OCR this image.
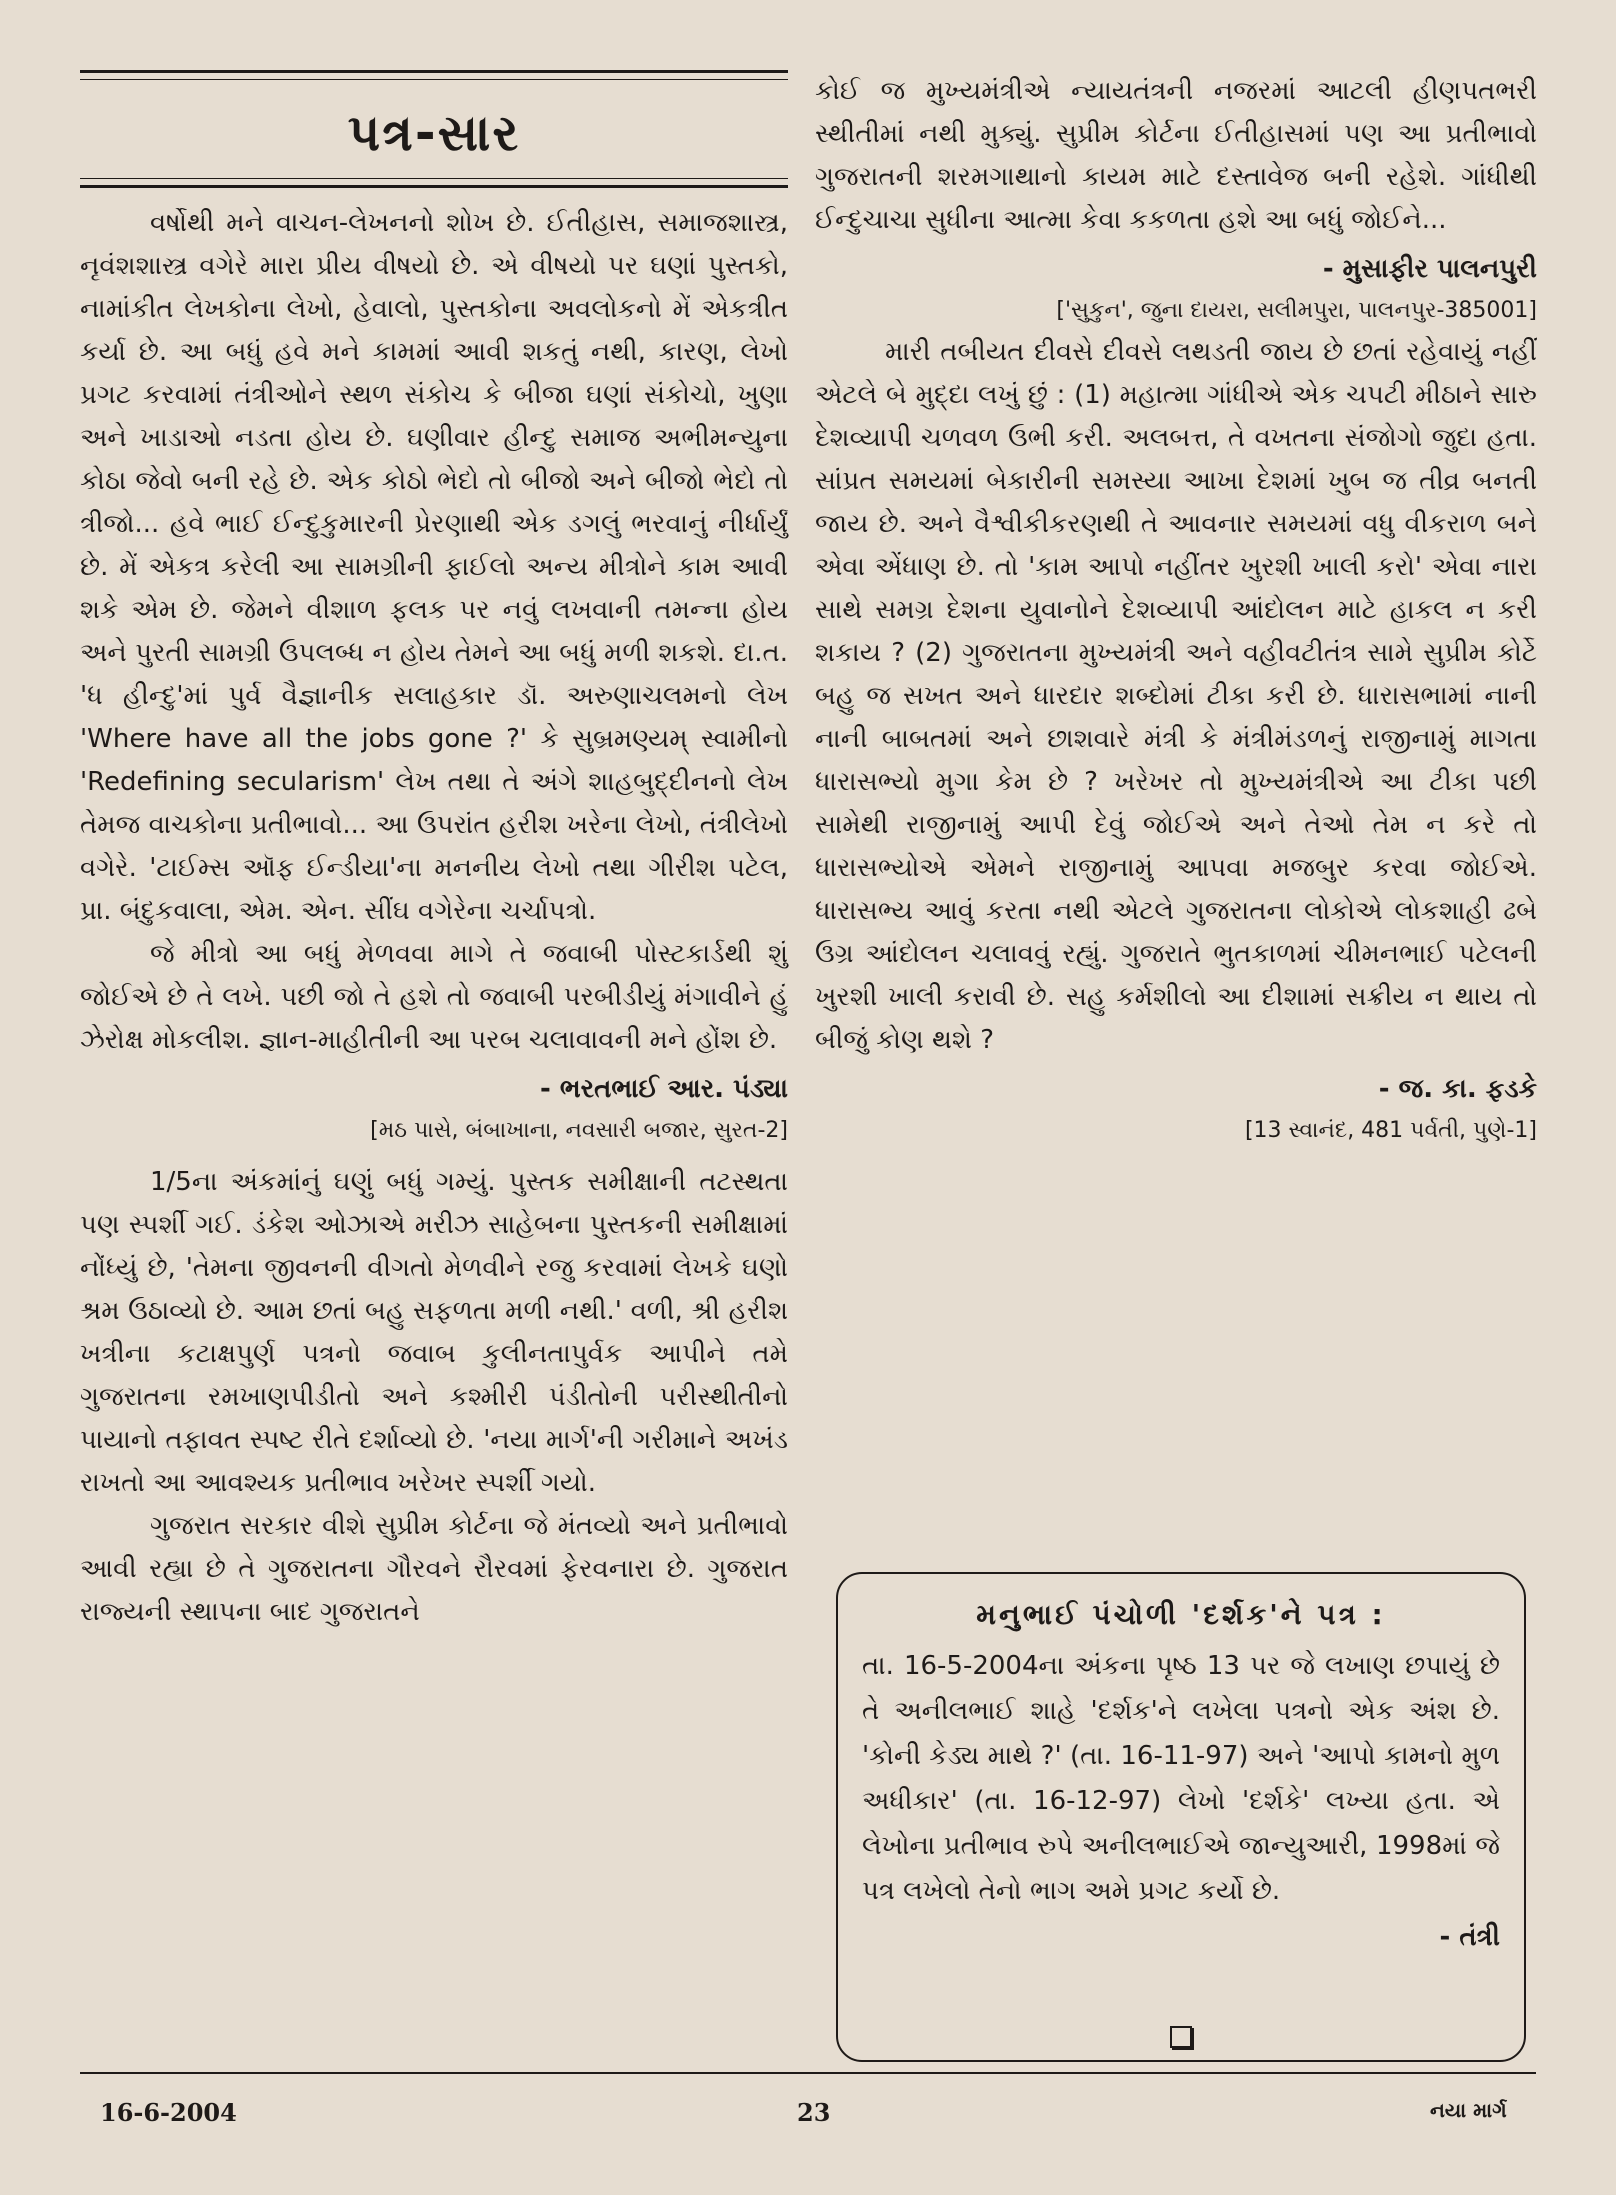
પત્ર-સાર

વર્ષોથી મને વાચન-લેખનનો શોખ છે. ઈતીહાસ, સમાજશાસ્ત્ર, નૃવંશશાસ્ત્ર વગેરે મારા પ્રીય વીષયો છે. એ વીષયો પર ઘણાં પુસ્તકો, નામાંકીત લેખકોના લેખો, હેવાલો, પુસ્તકોના અવલોકનો મેં એકત્રીત કર્યા છે. આ બધું હવે મને કામમાં આવી શકતું નથી, કારણ, લેખો પ્રગટ કરવામાં તંત્રીઓને સ્થળ સંકોચ કે બીજા ઘણાં સંકોચો, ખુણા અને ખાડાઓ નડતા હોય છે. ઘણીવાર હીન્દુ સમાજ અભીમન્યુના કોઠા જેવો બની રહે છે. એક કોઠો ભેદો તો બીજો અને બીજો ભેદો તો ત્રીજો... હવે ભાઈ ઈન્દુકુમારની પ્રેરણાથી એક ડગલું ભરવાનું નીર્ધાર્યું છે. મેં એકત્ર કરેલી આ સામગ્રીની ફાઈલો અન્ય મીત્રોને કામ આવી શકે એમ છે. જેમને વીશાળ ફલક પર નવું લખવાની તમન્ના હોય અને પુરતી સામગ્રી ઉપલબ્ધ ન હોય તેમને આ બધું મળી શકશે. દા.ત. 'ધ હીન્દુ'માં પુર્વ વૈજ્ઞાનીક સલાહકાર ડૉ. અરુણાચલમનો લેખ 'Where have all the jobs gone ?' કે સુબ્રમણ્યમ્ સ્વામીનો 'Redefining secularism' લેખ તથા તે અંગે શાહબુદ્દીનનો લેખ તેમજ વાચકોના પ્રતીભાવો... આ ઉપરાંત હરીશ ખરેના લેખો, તંત્રીલેખો વગેરે. 'ટાઈમ્સ ઑફ ઈન્ડીયા'ના મનનીય લેખો તથા ગીરીશ પટેલ, પ્રા. બંદુકવાલા, એમ. એન. સીંઘ વગેરેના ચર્ચાપત્રો.

જે મીત્રો આ બધું મેળવવા માગે તે જવાબી પોસ્ટકાર્ડથી શું જોઈએ છે તે લખે. પછી જો તે હશે તો જવાબી પરબીડીયું મંગાવીને હું ઝેરોક્ષ મોકલીશ. જ્ઞાન-માહીતીની આ પરબ ચલાવાવની મને હોંશ છે.

- ભરતભાઈ આર. પંડ્યા
[મઠ પાસે, બંબાખાના, નવસારી બજાર, સુરત-2]

1/5ના અંકમાંનું ઘણું બધું ગમ્યું. પુસ્તક સમીક્ષાની તટસ્થતા પણ સ્પર્શી ગઈ. ડંકેશ ઓઝાએ મરીઝ સાહેબના પુસ્તકની સમીક્ષામાં નોંધ્યું છે, 'તેમના જીવનની વીગતો મેળવીને રજુ કરવામાં લેખકે ઘણો શ્રમ ઉઠાવ્યો છે. આમ છતાં બહુ સફળતા મળી નથી.' વળી, શ્રી હરીશ ખત્રીના કટાક્ષપુર્ણ પત્રનો જવાબ કુલીનતાપુર્વક આપીને તમે ગુજરાતના રમખાણપીડીતો અને કશ્મીરી પંડીતોની પરીસ્થીતીનો પાયાનો તફાવત સ્પષ્ટ રીતે દર્શાવ્યો છે. 'નયા માર્ગ'ની ગરીમાને અખંડ રાખતો આ આવશ્યક પ્રતીભાવ ખરેખર સ્પર્શી ગયો.

ગુજરાત સરકાર વીશે સુપ્રીમ કોર્ટના જે મંતવ્યો અને પ્રતીભાવો આવી રહ્યા છે તે ગુજરાતના ગૌરવને રૌરવમાં ફેરવનારા છે. ગુજરાત રાજ્યની સ્થાપના બાદ ગુજરાતને

કોઈ જ મુખ્યમંત્રીએ ન્યાયતંત્રની નજરમાં આટલી હીણપતભરી સ્થીતીમાં નથી મુક્યું. સુપ્રીમ કોર્ટના ઈતીહાસમાં પણ આ પ્રતીભાવો ગુજરાતની શરમગાથાનો કાયમ માટે દસ્તાવેજ બની રહેશે. ગાંધીથી ઈન્દુચાચા સુધીના આત્મા કેવા કકળતા હશે આ બધું જોઈને...

- મુસાફીર પાલનપુરી
['સુકુન', જુના દાયરા, સલીમપુરા, પાલનપુર-385001]

મારી તબીયત દીવસે દીવસે લથડતી જાય છે છતાં રહેવાયું નહીં એટલે બે મુદ્દા લખું છું : (1) મહાત્મા ગાંધીએ એક ચપટી મીઠાને સારુ દેશવ્યાપી ચળવળ ઉભી કરી. અલબત્ત, તે વખતના સંજોગો જુદા હતા. સાંપ્રત સમયમાં બેકારીની સમસ્યા આખા દેશમાં ખુબ જ તીવ્ર બનતી જાય છે. અને વૈશ્વીકીકરણથી તે આવનાર સમયમાં વધુ વીકરાળ બને એવા એંધાણ છે. તો 'કામ આપો નહીંતર ખુરશી ખાલી કરો' એવા નારા સાથે સમગ્ર દેશના યુવાનોને દેશવ્યાપી આંદોલન માટે હાકલ ન કરી શકાય ? (2) ગુજરાતના મુખ્યમંત્રી અને વહીવટીતંત્ર સામે સુપ્રીમ કોર્ટે બહુ જ સખત અને ધારદાર શબ્દોમાં ટીકા કરી છે. ધારાસભામાં નાની નાની બાબતમાં અને છાશવારે મંત્રી કે મંત્રીમંડળનું રાજીનામું માગતા ધારાસભ્યો મુગા કેમ છે ? ખરેખર તો મુખ્યમંત્રીએ આ ટીકા પછી સામેથી રાજીનામું આપી દેવું જોઈએ અને તેઓ તેમ ન કરે તો ધારાસભ્યોએ એમને રાજીનામું આપવા મજબુર કરવા જોઈએ. ધારાસભ્ય આવું કરતા નથી એટલે ગુજરાતના લોકોએ લોકશાહી ઢબે ઉગ્ર આંદોલન ચલાવવું રહ્યું. ગુજરાતે ભુતકાળમાં ચીમનભાઈ પટેલની ખુરશી ખાલી કરાવી છે. સહુ કર્મશીલો આ દીશામાં સક્રીય ન થાય તો બીજું કોણ થશે ?

- જ. કા. ફડકે
[13 સ્વાનંદ, 481 પર્વતી, પુણે-1]
મનુભાઈ પંચોળી 'દર્શક'ને પત્ર :

તા. 16-5-2004ના અંકના પૃષ્ઠ 13 પર જે લખાણ છપાયું છે તે અનીલભાઈ શાહે 'દર્શક'ને લખેલા પત્રનો એક અંશ છે. 'કોની કેડ્ય માથે ?' (તા. 16-11-97) અને 'આપો કામનો મુળ અધીકાર' (તા. 16-12-97) લેખો 'દર્શકે' લખ્યા હતા. એ લેખોના પ્રતીભાવ રુપે અનીલભાઈએ જાન્યુઆરી, 1998માં જે પત્ર લખેલો તેનો ભાગ અમે પ્રગટ કર્યો છે.

- તંત્રી
16-6-2004	23	નયા માર્ગ
